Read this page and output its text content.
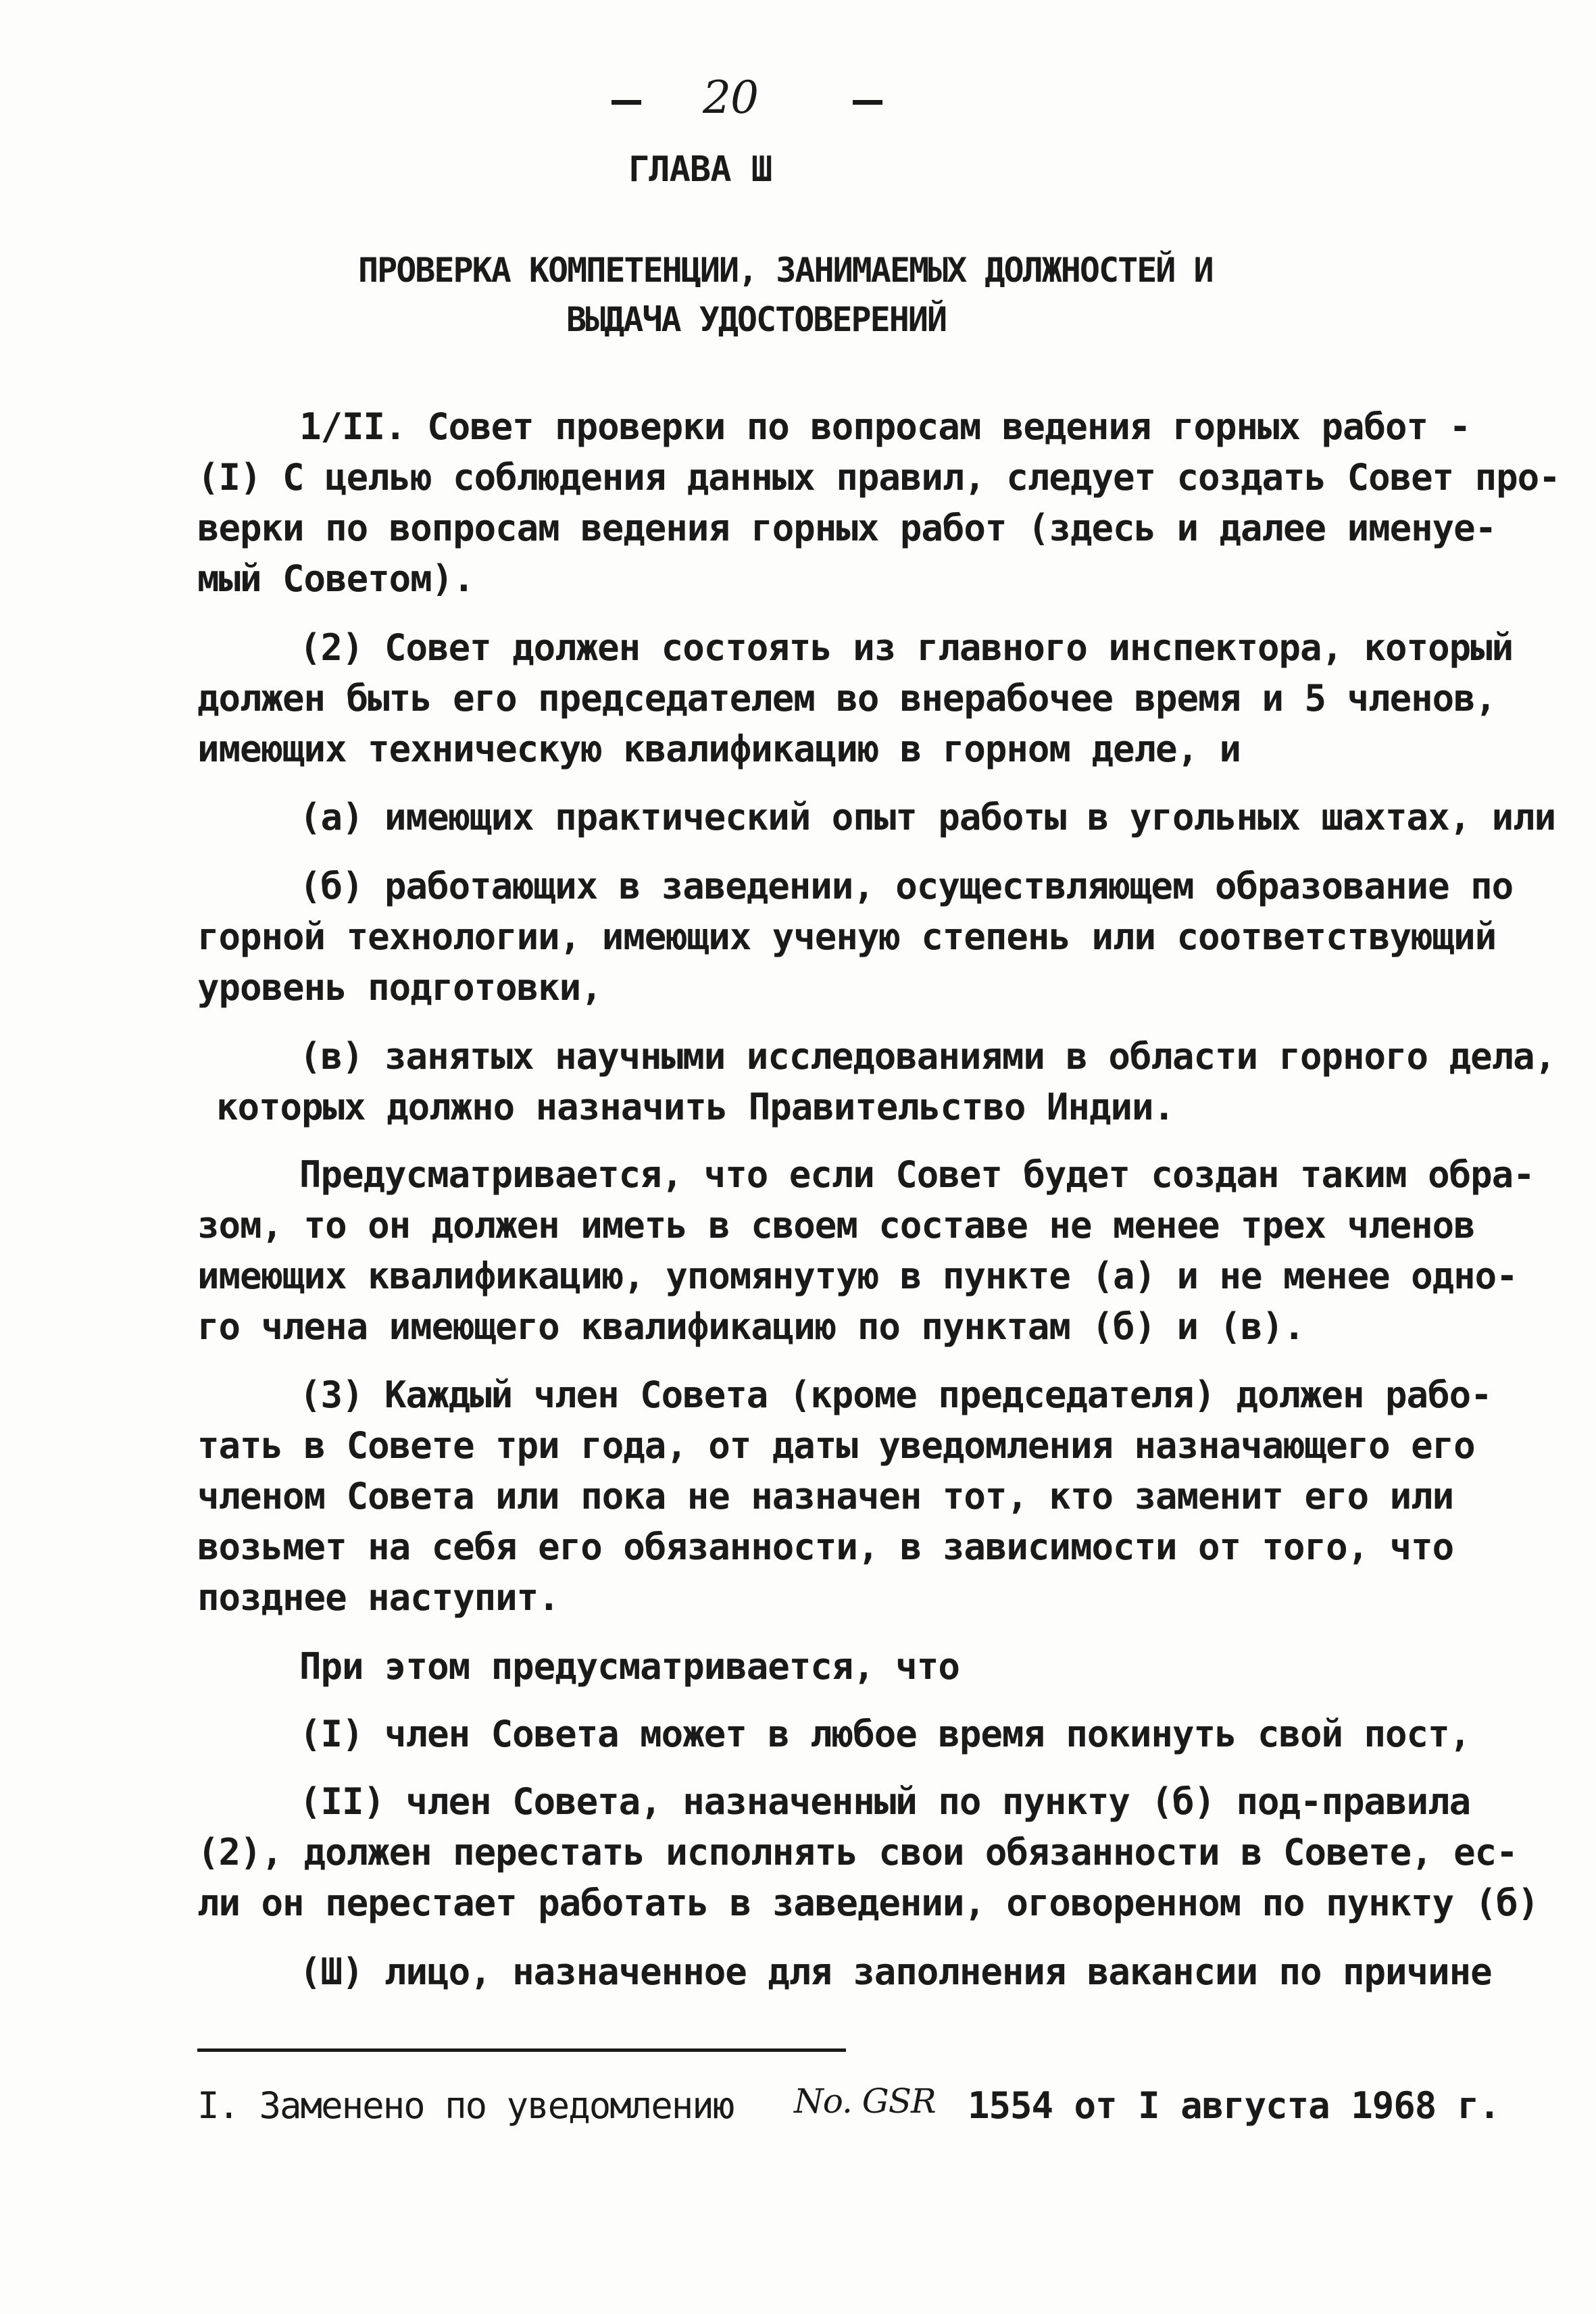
20
ГЛАВА Ш
ПРОВЕРКА КОМПЕТЕНЦИИ, ЗАНИМАЕМЫХ ДОЛЖНОСТЕЙ И
ВЫДАЧА УДОСТОВЕРЕНИЙ
1/II. Совет проверки по вопросам ведения горных работ -
(I) С целью соблюдения данных правил, следует создать Совет про-
верки по вопросам ведения горных работ (здесь и далее именуе-
мый Советом).
(2) Совет должен состоять из главного инспектора, который
должен быть его председателем во внерабочее время и 5 членов,
имеющих техническую квалификацию в горном деле, и
(а) имеющих практический опыт работы в угольных шахтах, или
(б) работающих в заведении, осуществляющем образование по
горной технологии, имеющих ученую степень или соответствующий
уровень подготовки,
(в) занятых научными исследованиями в области горного дела,
которых должно назначить Правительство Индии.
Предусматривается, что если Совет будет создан таким обра-
зом, то он должен иметь в своем составе не менее трех членов
имеющих квалификацию, упомянутую в пункте (а) и не менее одно-
го члена имеющего квалификацию по пунктам (б) и (в).
(3) Каждый член Совета (кроме председателя) должен рабо-
тать в Совете три года, от даты уведомления назначающего его
членом Совета или пока не назначен тот, кто заменит его или
возьмет на себя его обязанности, в зависимости от того, что
позднее наступит.
При этом предусматривается, что
(I) член Совета может в любое время покинуть свой пост,
(II) член Совета, назначенный по пункту (б) под-правила
(2), должен перестать исполнять свои обязанности в Совете, ес-
ли он перестает работать в заведении, оговоренном по пункту (б)
(Ш) лицо, назначенное для заполнения вакансии по причине
I. Заменено по уведомлению No. GSR 1554 от I августа 1968 г.
